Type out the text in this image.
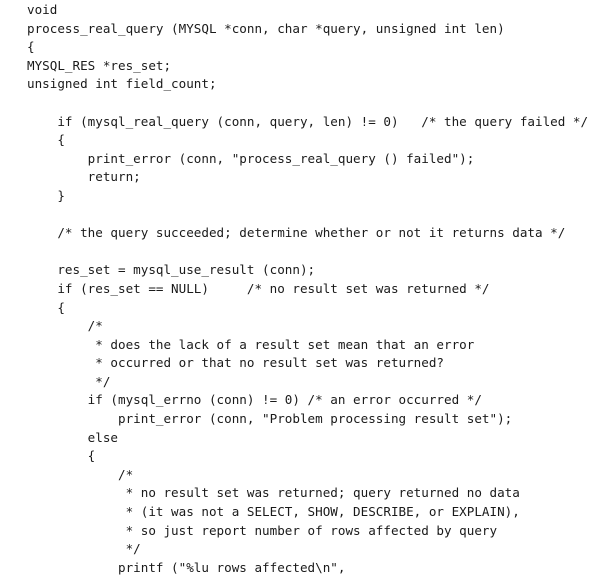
void
process_real_query (MYSQL *conn, char *query, unsigned int len)
{
MYSQL_RES *res_set;
unsigned int field_count;
if (mysql_real_query (conn, query, len) != 0)   /* the query failed */
{
print_error (conn, "process_real_query () failed");
return;
}
/* the query succeeded; determine whether or not it returns data */
res_set = mysql_use_result (conn);
if (res_set == NULL)     /* no result set was returned */
{
/*
* does the lack of a result set mean that an error
* occurred or that no result set was returned?
*/
if (mysql_errno (conn) != 0) /* an error occurred */
print_error (conn, "Problem processing result set");
else
{
/*
* no result set was returned; query returned no data
* (it was not a SELECT, SHOW, DESCRIBE, or EXPLAIN),
* so just report number of rows affected by query
*/
printf ("%lu rows affected\n",
